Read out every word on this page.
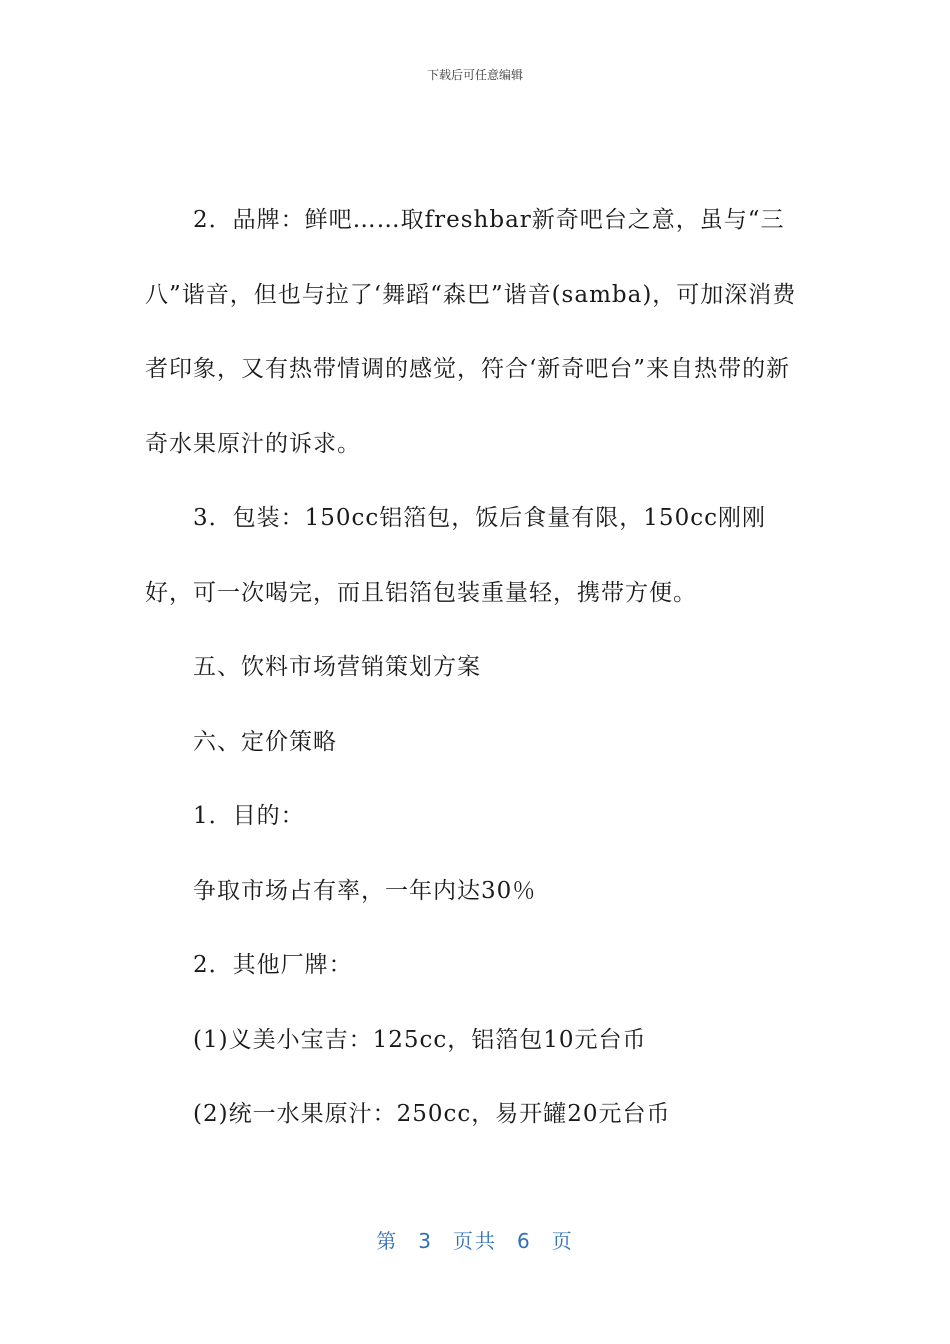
下载后可任意编辑

2．品牌：鲜吧……取freshbar新奇吧台之意，虽与“三八”谐音，但也与拉了‘舞蹈“森巴”谐音(samba)，可加深消费者印象，又有热带情调的感觉，符合‘新奇吧台”来自热带的新奇水果原汁的诉求。

3．包装：150cc铝箔包，饭后食量有限，150cc刚刚好，可一次喝完，而且铝箔包装重量轻，携带方便。

五、饮料市场营销策划方案

六、定价策略

1．目的：

争取市场占有率，一年内达30％

2．其他厂牌：

(1)义美小宝吉：125cc，铝箔包10元台币

(2)统一水果原汁：250cc，易开罐20元台币

第 3 页共 6 页
